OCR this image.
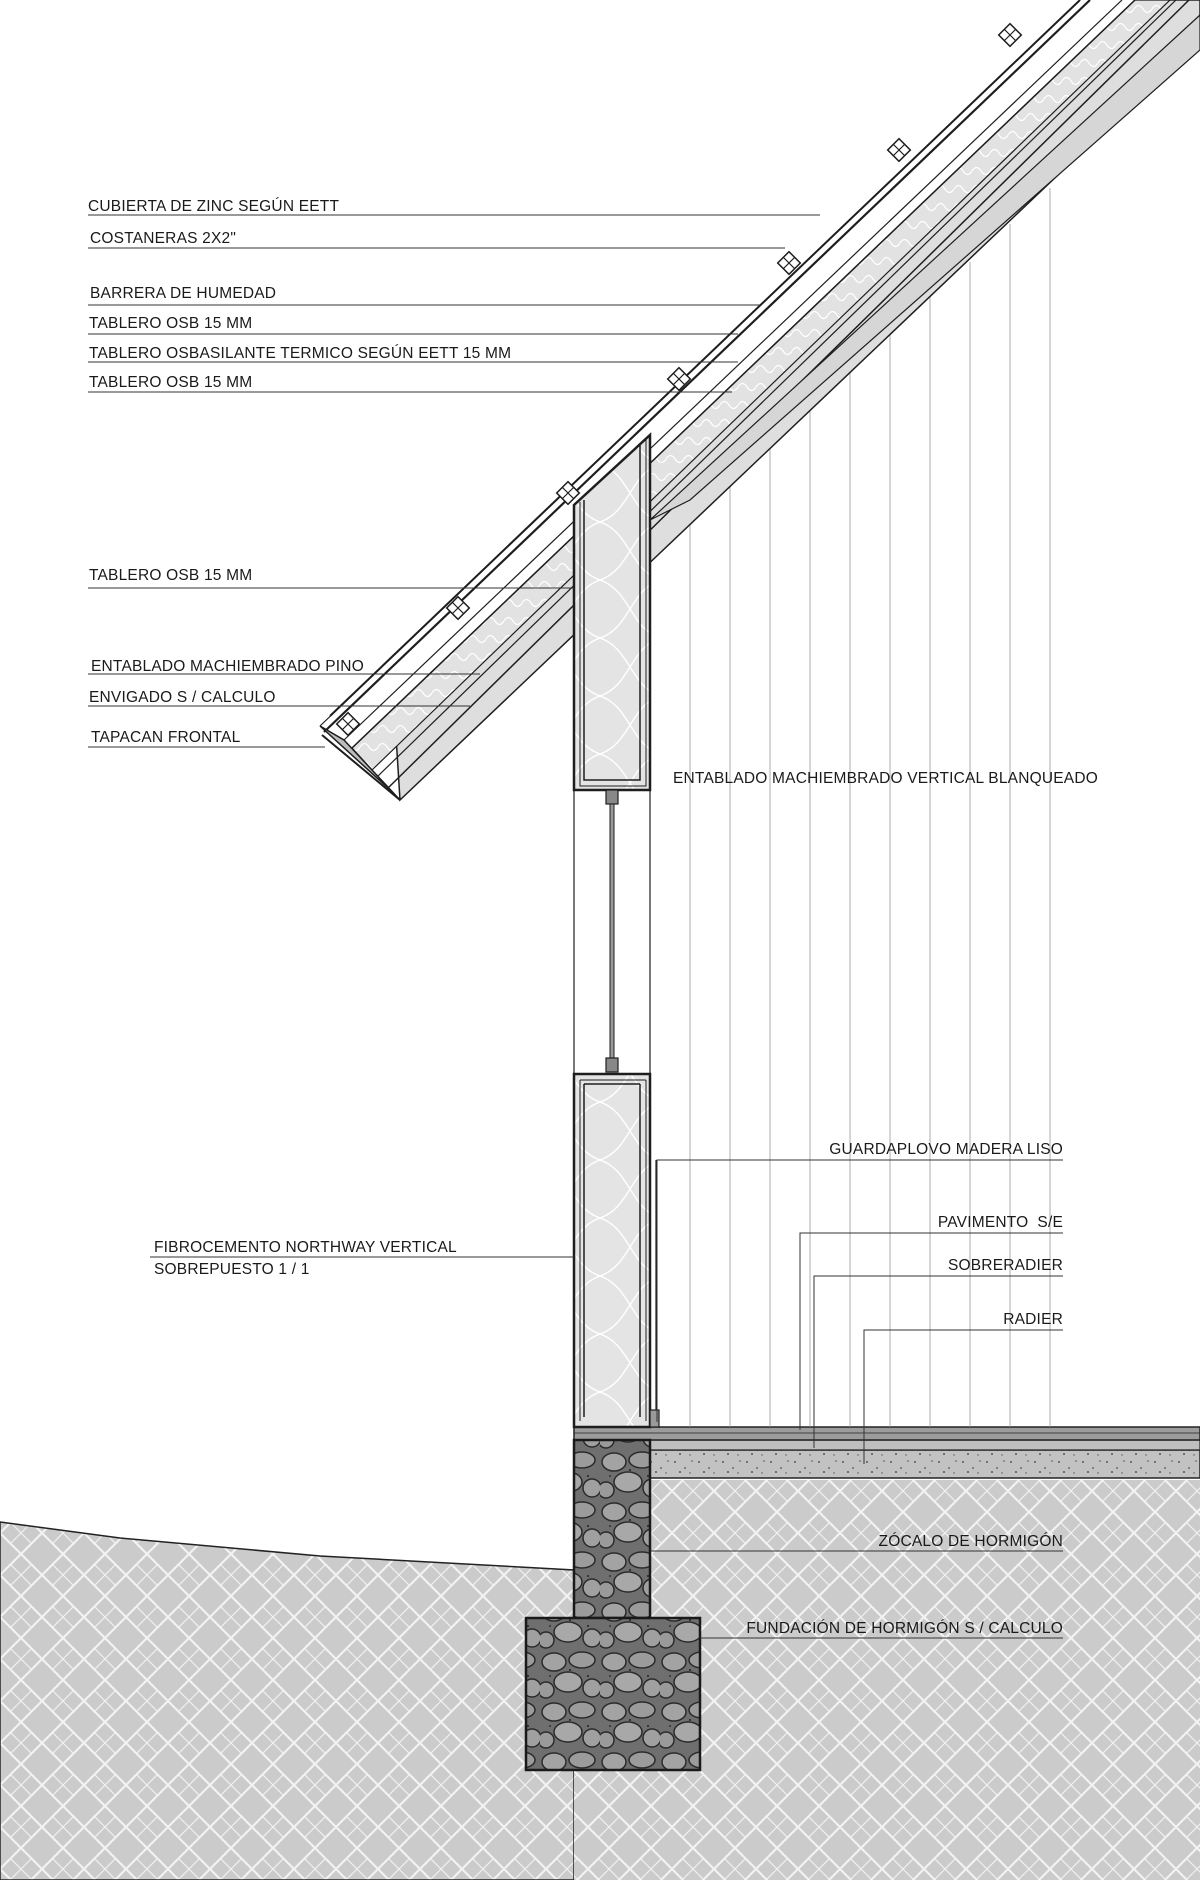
CUBIERTA DE ZINC SEGÚN EETT
COSTANERAS 2X2"
BARRERA DE HUMEDAD
TABLERO OSB 15 MM
TABLERO OSBASILANTE TERMICO SEGÚN EETT 15 MM
TABLERO OSB 15 MM
TABLERO OSB 15 MM
ENTABLADO MACHIEMBRADO PINO
ENVIGADO S / CALCULO
TAPACAN FRONTAL
ENTABLADO MACHIEMBRADO VERTICAL BLANQUEADO
GUARDAPLOVO MADERA LISO
PAVIMENTO  S/E
SOBRERADIER
RADIER
FIBROCEMENTO NORTHWAY VERTICAL
SOBREPUESTO 1 / 1
ZÓCALO DE HORMIGÓN
FUNDACIÓN DE HORMIGÓN S / CALCULO
